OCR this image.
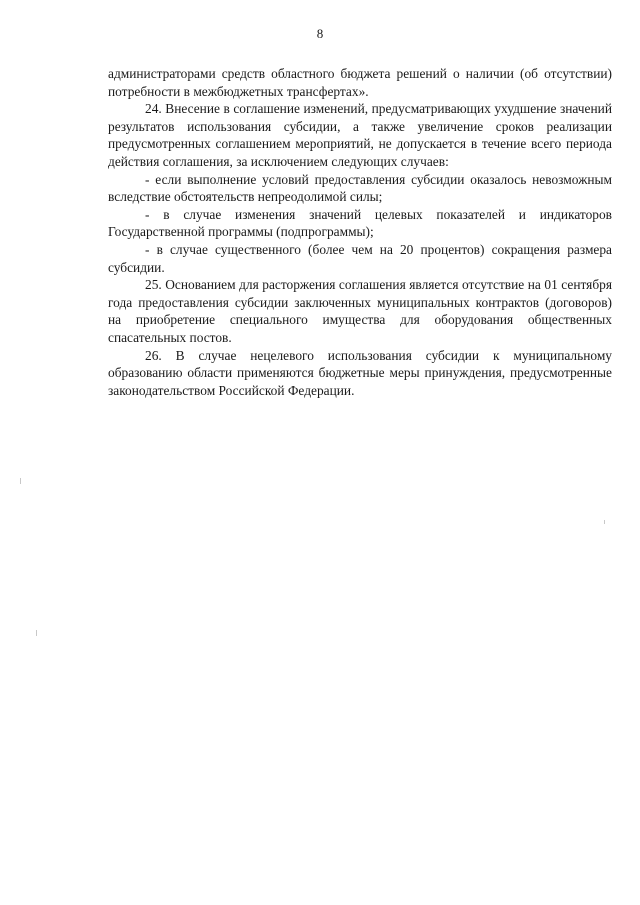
8

администраторами средств областного бюджета решений о наличии (об отсутствии) потребности в межбюджетных трансфертах».

24. Внесение в соглашение изменений, предусматривающих ухудшение значений результатов использования субсидии, а также увеличение сроков реализации предусмотренных соглашением мероприятий, не допускается в течение всего периода действия соглашения, за исключением следующих случаев:

- если выполнение условий предоставления субсидии оказалось невозможным вследствие обстоятельств непреодолимой силы;

- в случае изменения значений целевых показателей и индикаторов Государственной программы (подпрограммы);

- в случае существенного (более чем на 20 процентов) сокращения размера субсидии.

25. Основанием для расторжения соглашения является отсутствие на 01 сентября года предоставления субсидии заключенных муниципальных контрактов (договоров) на приобретение специального имущества для оборудования общественных спасательных постов.

26. В случае нецелевого использования субсидии к муниципальному образованию области применяются бюджетные меры принуждения, предусмотренные законодательством Российской Федерации.
